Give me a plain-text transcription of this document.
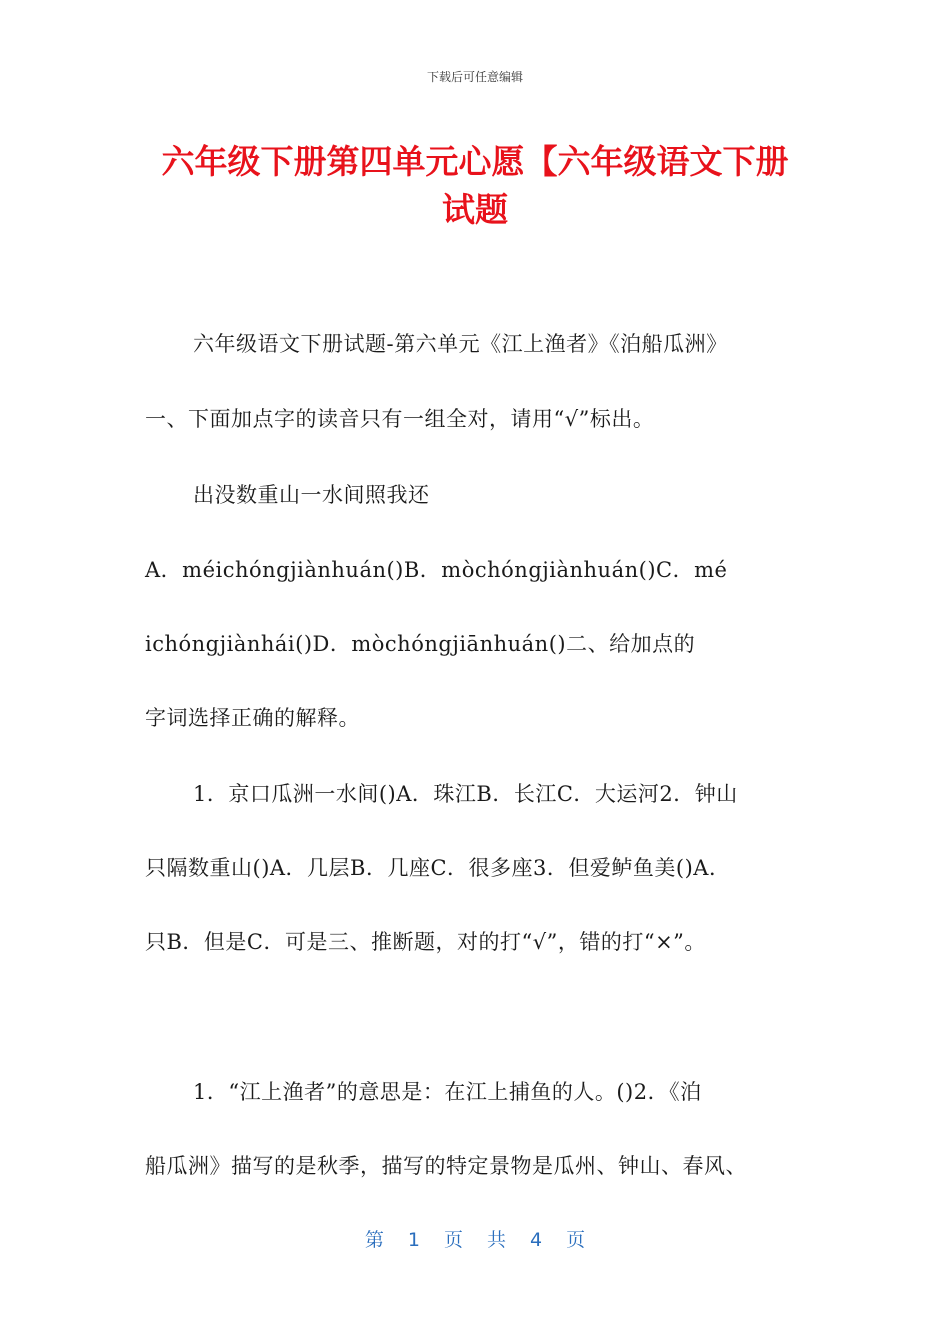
下载后可任意编辑
六年级下册第四单元心愿【六年级语文下册
试题
六年级语文下册试题-第六单元《江上渔者》《泊船瓜洲》
一、下面加点字的读音只有一组全对，请用“√”标出。
出没数重山一水间照我还
A．méichóngjiànhuán()B．mòchóngjiànhuán()C．mé
ichóngjiànhái()D．mòchóngjiānhuán()二、给加点的
字词选择正确的解释。
1．京口瓜洲一水间()A．珠江B．长江C．大运河2．钟山
只隔数重山()A．几层B．几座C．很多座3．但爱鲈鱼美()A．
只B．但是C．可是三、推断题，对的打“√”，错的打“×”。
1．“江上渔者”的意思是：在江上捕鱼的人。()2．《泊
船瓜洲》描写的是秋季，描写的特定景物是瓜州、钟山、春风、
第 1 页 共 4 页
